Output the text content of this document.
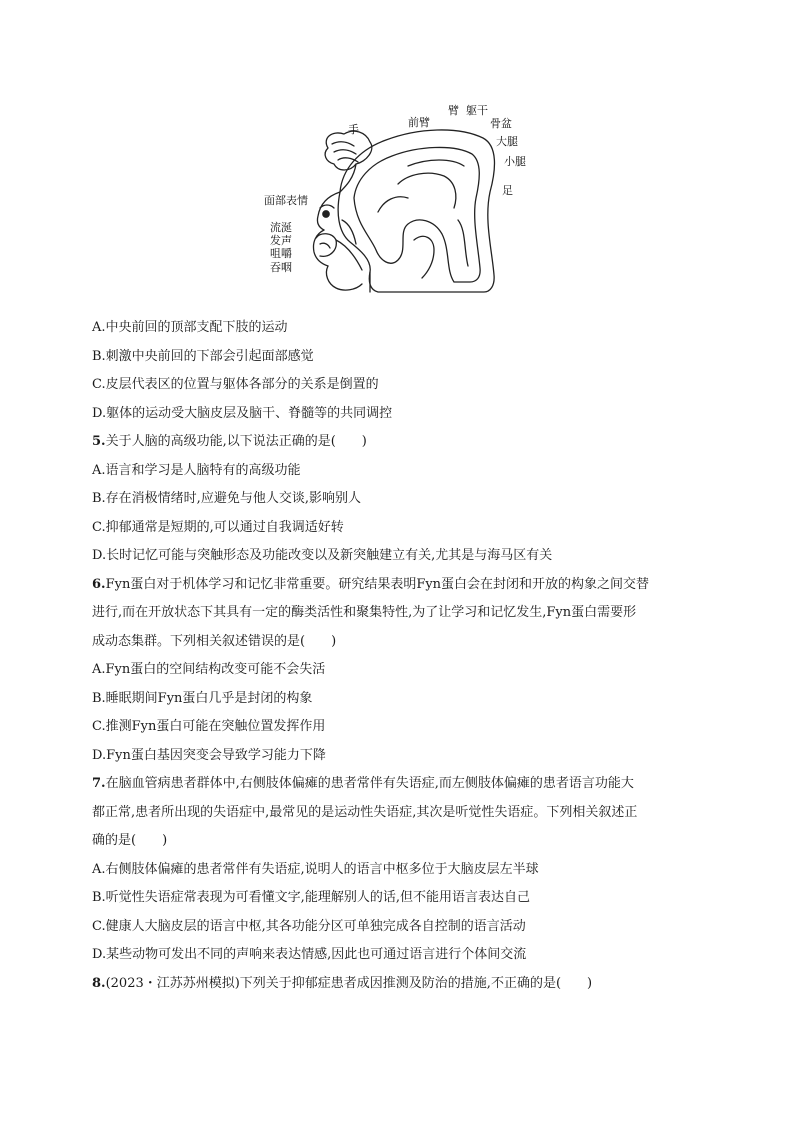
手
前臂
臂 躯干
骨盆
大腿
小腿
足
面部表情
流涎
发声
咀嚼
吞咽
A.中央前回的顶部支配下肢的运动
B.刺激中央前回的下部会引起面部感觉
C.皮层代表区的位置与躯体各部分的关系是倒置的
D.躯体的运动受大脑皮层及脑干、脊髓等的共同调控
5.关于人脑的高级功能,以下说法正确的是(　　)
A.语言和学习是人脑特有的高级功能
B.存在消极情绪时,应避免与他人交谈,影响别人
C.抑郁通常是短期的,可以通过自我调适好转
D.长时记忆可能与突触形态及功能改变以及新突触建立有关,尤其是与海马区有关
6.Fyn蛋白对于机体学习和记忆非常重要。研究结果表明Fyn蛋白会在封闭和开放的构象之间交替
进行,而在开放状态下其具有一定的酶类活性和聚集特性,为了让学习和记忆发生,Fyn蛋白需要形
成动态集群。下列相关叙述错误的是(　　)
A.Fyn蛋白的空间结构改变可能不会失活
B.睡眠期间Fyn蛋白几乎是封闭的构象
C.推测Fyn蛋白可能在突触位置发挥作用
D.Fyn蛋白基因突变会导致学习能力下降
7.在脑血管病患者群体中,右侧肢体偏瘫的患者常伴有失语症,而左侧肢体偏瘫的患者语言功能大
都正常,患者所出现的失语症中,最常见的是运动性失语症,其次是听觉性失语症。下列相关叙述正
确的是(　　)
A.右侧肢体偏瘫的患者常伴有失语症,说明人的语言中枢多位于大脑皮层左半球
B.听觉性失语症常表现为可看懂文字,能理解别人的话,但不能用语言表达自己
C.健康人大脑皮层的语言中枢,其各功能分区可单独完成各自控制的语言活动
D.某些动物可发出不同的声响来表达情感,因此也可通过语言进行个体间交流
8.(2023・江苏苏州模拟)下列关于抑郁症患者成因推测及防治的措施,不正确的是(　　)
